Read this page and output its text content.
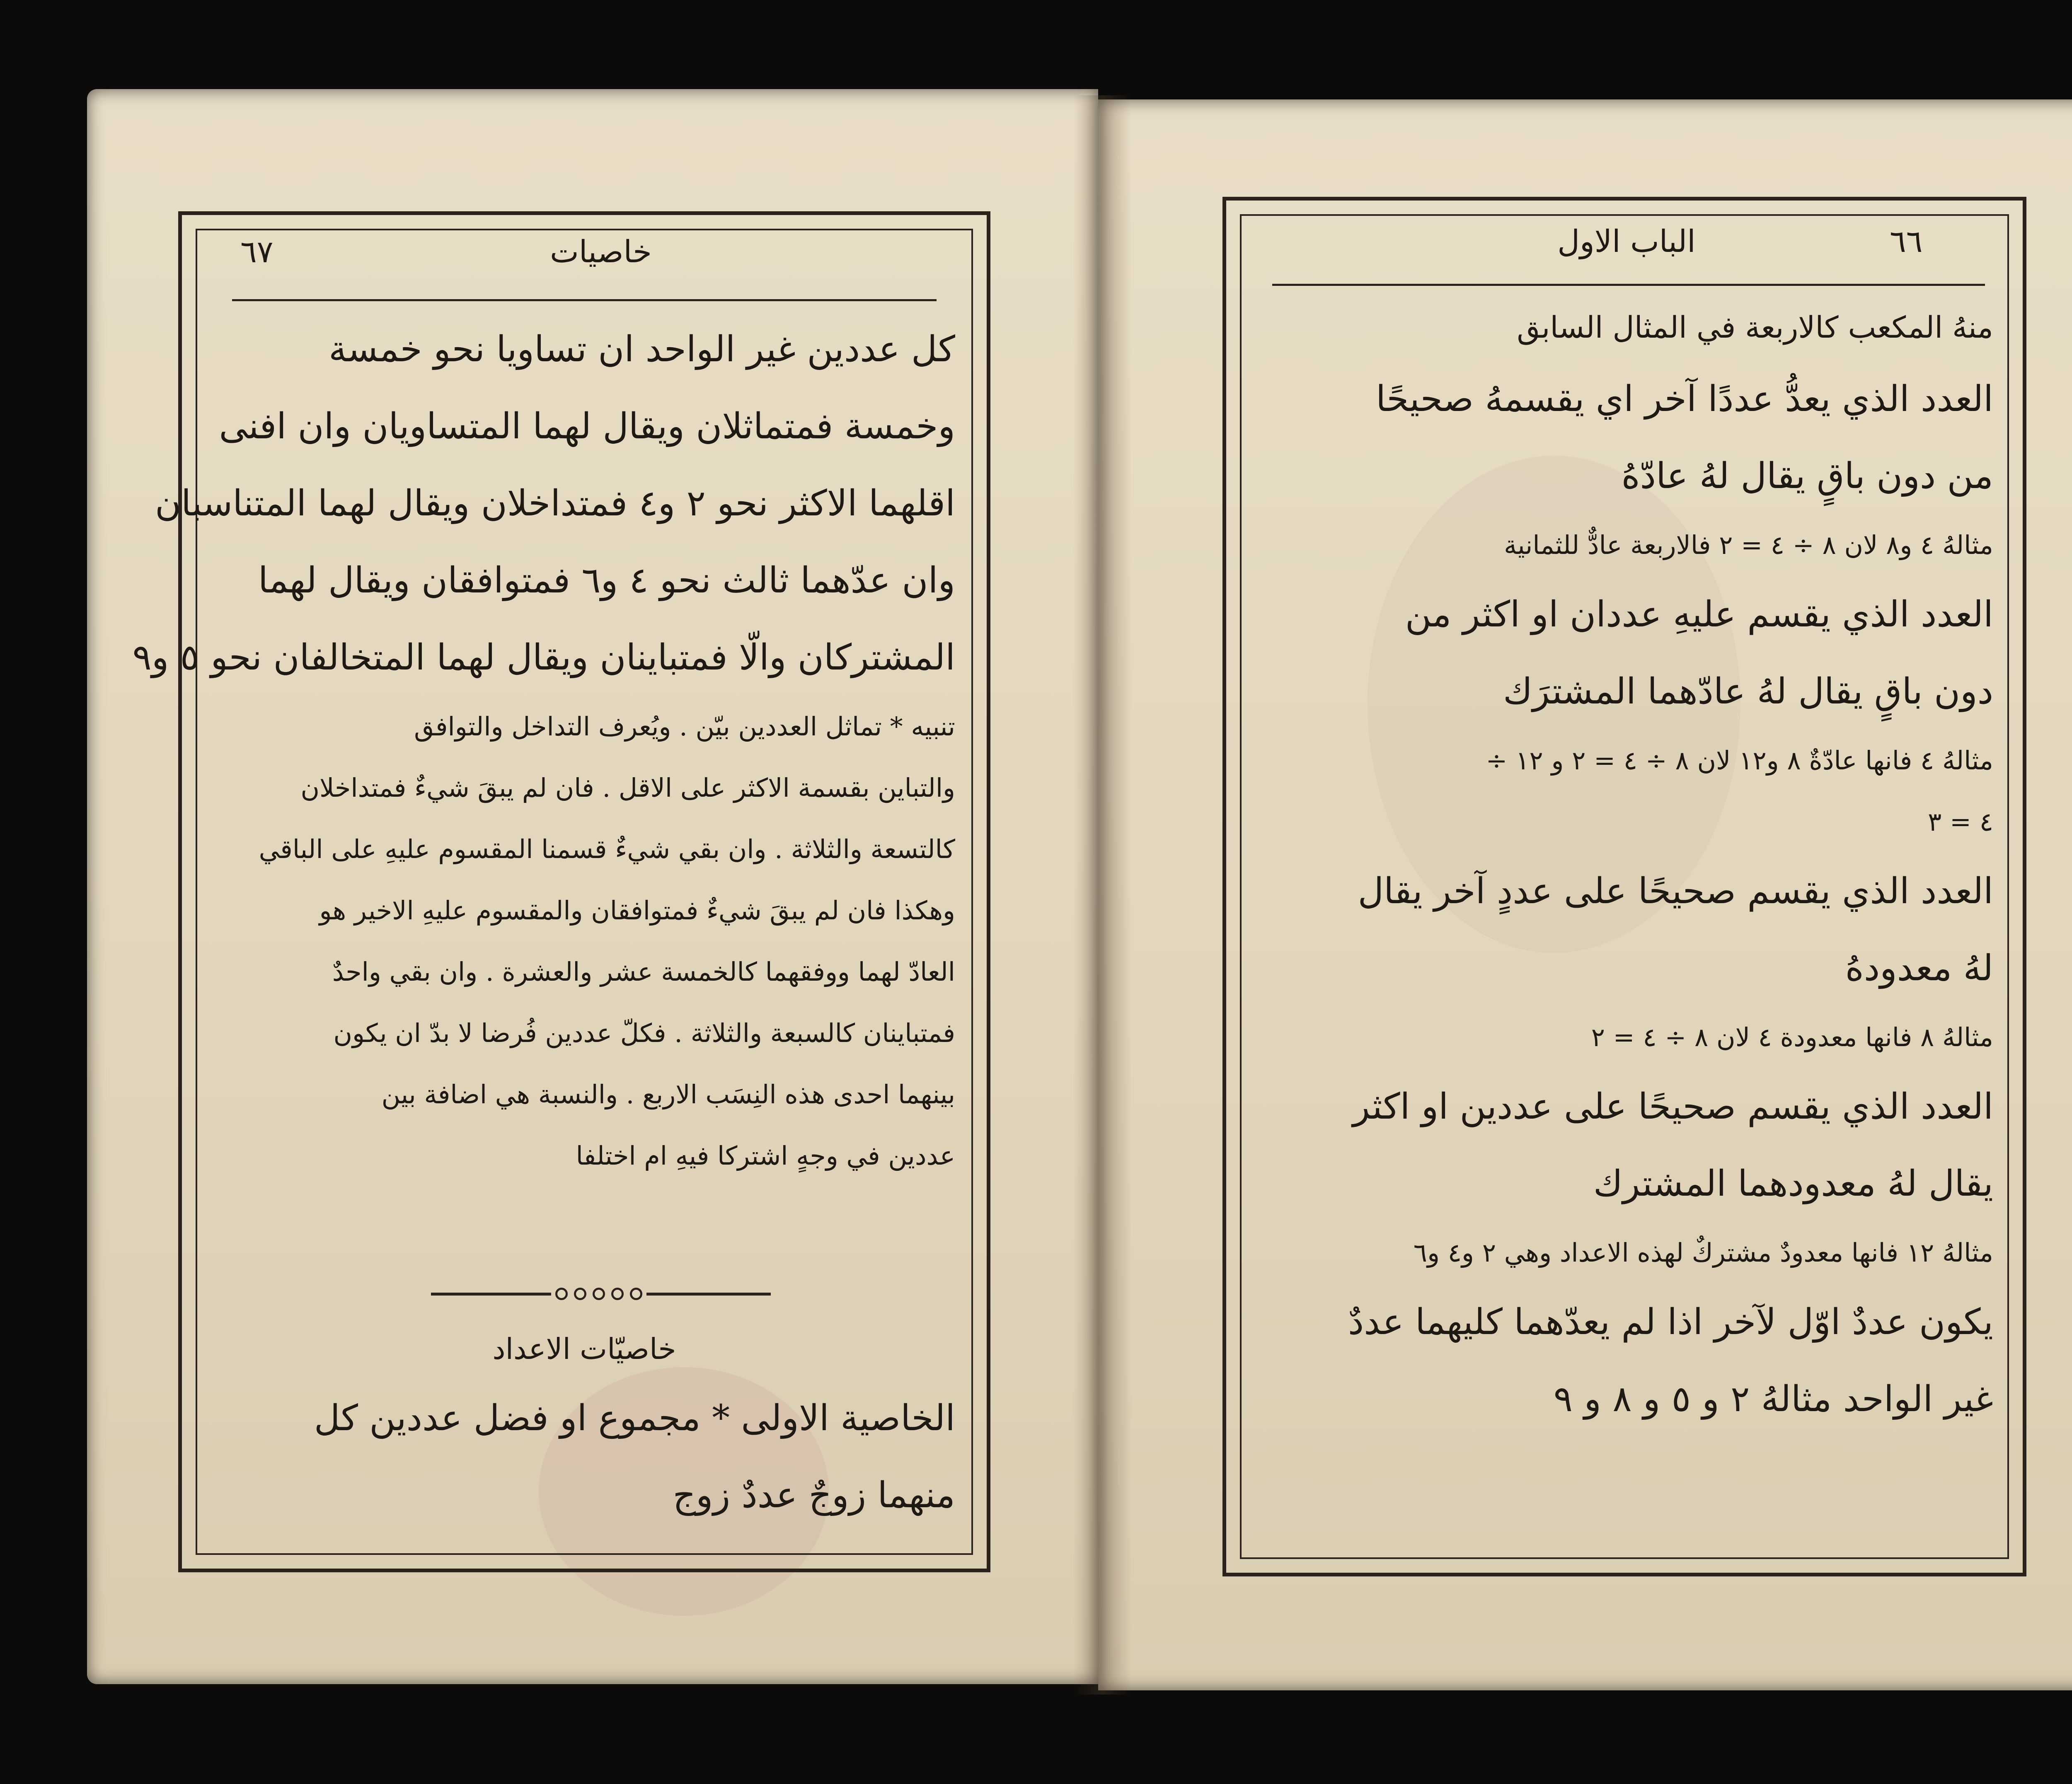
٦٧	خاصيات
كل عددين غير الواحد ان تساويا نحو خمسة
وخمسة فمتماثلان ويقال لهما المتساويان وان افنى
اقلهما الاكثر نحو ٢ و٤ فمتداخلان ويقال لهما المتناسبان
وان عدّهما ثالث نحو ٤ و٦ فمتوافقان ويقال لهما
المشتركان والّا فمتباينان ويقال لهما المتخالفان نحو ٥ و٩
تنبيه * تماثل العددين بيّن . ويُعرف التداخل والتوافق
والتباين بقسمة الاكثر على الاقل . فان لم يبقَ شيءٌ فمتداخلان
كالتسعة والثلاثة . وان بقي شيءٌ قسمنا المقسوم عليهِ على الباقي
وهكذا فان لم يبقَ شيءٌ فمتوافقان والمقسوم عليهِ الاخير هو
العادّ لهما ووفقهما كالخمسة عشر والعشرة . وان بقي واحدٌ
فمتباينان كالسبعة والثلاثة . فكلّ عددين فُرضا لا بدّ ان يكون
بينهما احدى هذه النِسَب الاربع . والنسبة هي اضافة بين
عددين في وجهٍ اشتركا فيهِ ام اختلفا
خاصيّات الاعداد
الخاصية الاولى * مجموع او فضل عددين كل
منهما زوجٌ عددٌ زوج
الباب الاول	٦٦
منهُ المكعب كالاربعة في المثال السابق
العدد الذي يعدُّ عددًا آخر اي يقسمهُ صحيحًا
من دون باقٍ يقال لهُ عادّهُ
مثالهُ ٤ و٨ لان ٨ ÷ ٤ = ٢ فالاربعة عادٌّ للثمانية
العدد الذي يقسم عليهِ عددان او اكثر من
دون باقٍ يقال لهُ عادّهما المشترَك
مثالهُ ٤ فانها عادّةٌ ٨ و١٢ لان ٨ ÷ ٤ = ٢ و ١٢ ÷
٤ = ٣
العدد الذي يقسم صحيحًا على عددٍ آخر يقال
لهُ معدودهُ
مثالهُ ٨ فانها معدودة ٤ لان ٨ ÷ ٤ = ٢
العدد الذي يقسم صحيحًا على عددين او اكثر
يقال لهُ معدودهما المشترك
مثالهُ ١٢ فانها معدودٌ مشتركٌ لهذه الاعداد وهي ٢ و٤ و٦
يكون عددٌ اوّل لآخر اذا لم يعدّهما كليهما عددٌ
غير الواحد مثالهُ ٢ و ٥ و ٨ و ٩
